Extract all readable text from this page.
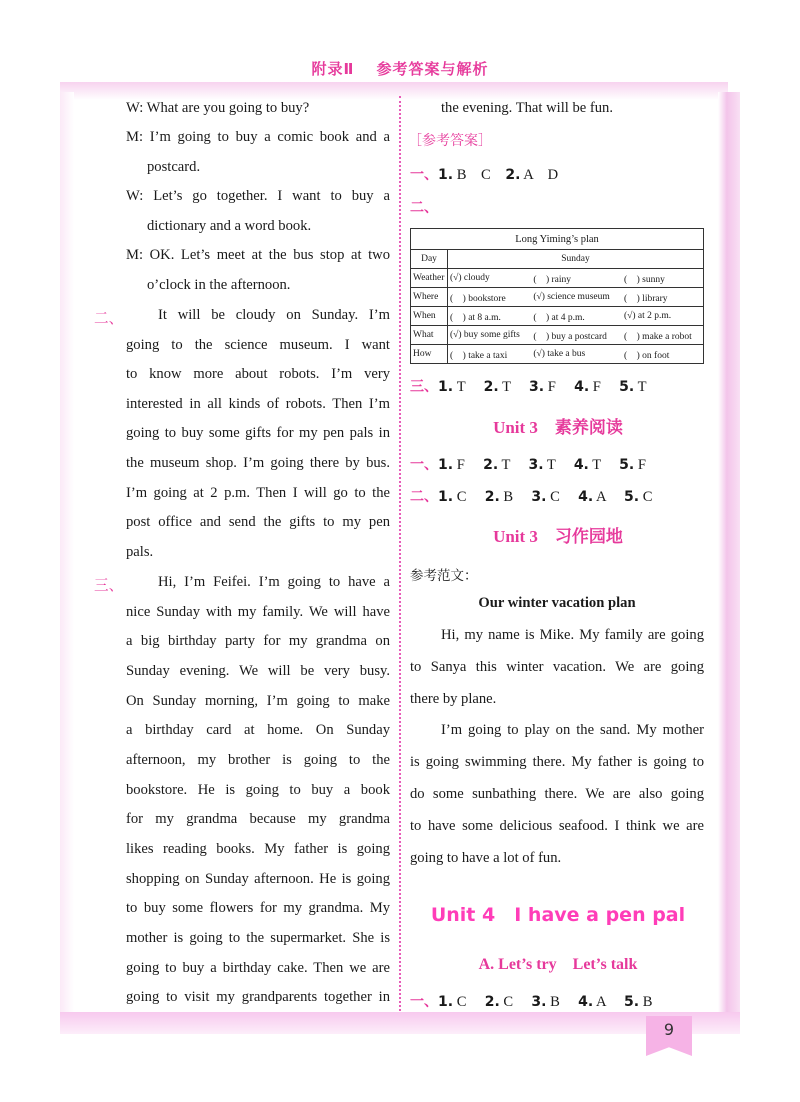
附录Ⅱ 参考答案与解析
W: What are you going to buy?
M: I’m going to buy a comic book and a
postcard.
W: Let’s go together. I want to buy a
dictionary and a word book.
M: OK. Let’s meet at the bus stop at two
o’clock in the afternoon.
二、 It will be cloudy on Sunday. I’m
going to the science museum. I want
to know more about robots. I’m very
interested in all kinds of robots. Then I’m
going to buy some gifts for my pen pals in
the museum shop. I’m going there by bus.
I’m going at 2 p.m. Then I will go to the
post office and send the gifts to my pen
pals.
三、 Hi, I’m Feifei. I’m going to have a
nice Sunday with my family. We will have
a big birthday party for my grandma on
Sunday evening. We will be very busy.
On Sunday morning, I’m going to make
a birthday card at home. On Sunday
afternoon, my brother is going to the
bookstore. He is going to buy a book
for my grandma because my grandma
likes reading books. My father is going
shopping on Sunday afternoon. He is going
to buy some flowers for my grandma. My
mother is going to the supermarket. She is
going to buy a birthday cake. Then we are
going to visit my grandparents together in
the evening. That will be fun.
［参考答案］
一、1. B　C　 2. A　D
二、
Long Yiming’s plan			
Day	Sunday		
Weather	(√) cloudy	(　) rainy	(　) sunny
Where	(　) bookstore	(√) science museum	(　) library
When	(　) at 8 a.m.	(　) at 4 p.m.	(√) at 2 p.m.
What	(√) buy some gifts	(　) buy a postcard	(　) make a robot
How	(　) take a taxi	(√) take a bus	(　) on foot
三、1. T　 2. T　 3. F　 4. F　 5. T
Unit 3　素养阅读
一、1. F　 2. T　 3. T　 4. T　 5. F
二、1. C　 2. B　 3. C　 4. A　 5. C
Unit 3　习作园地
参考范文：
Our winter vacation plan
Hi, my name is Mike. My family are going
to Sanya this winter vacation. We are going
there by plane.
I’m going to play on the sand. My mother
is going swimming there. My father is going to
do some sunbathing there. We are also going
to have some delicious seafood. I think we are
going to have a lot of fun.
Unit 4　I have a pen pal
A. Let’s try　Let’s talk
一、1. C　 2. C　 3. B　 4. A　 5. B
9
